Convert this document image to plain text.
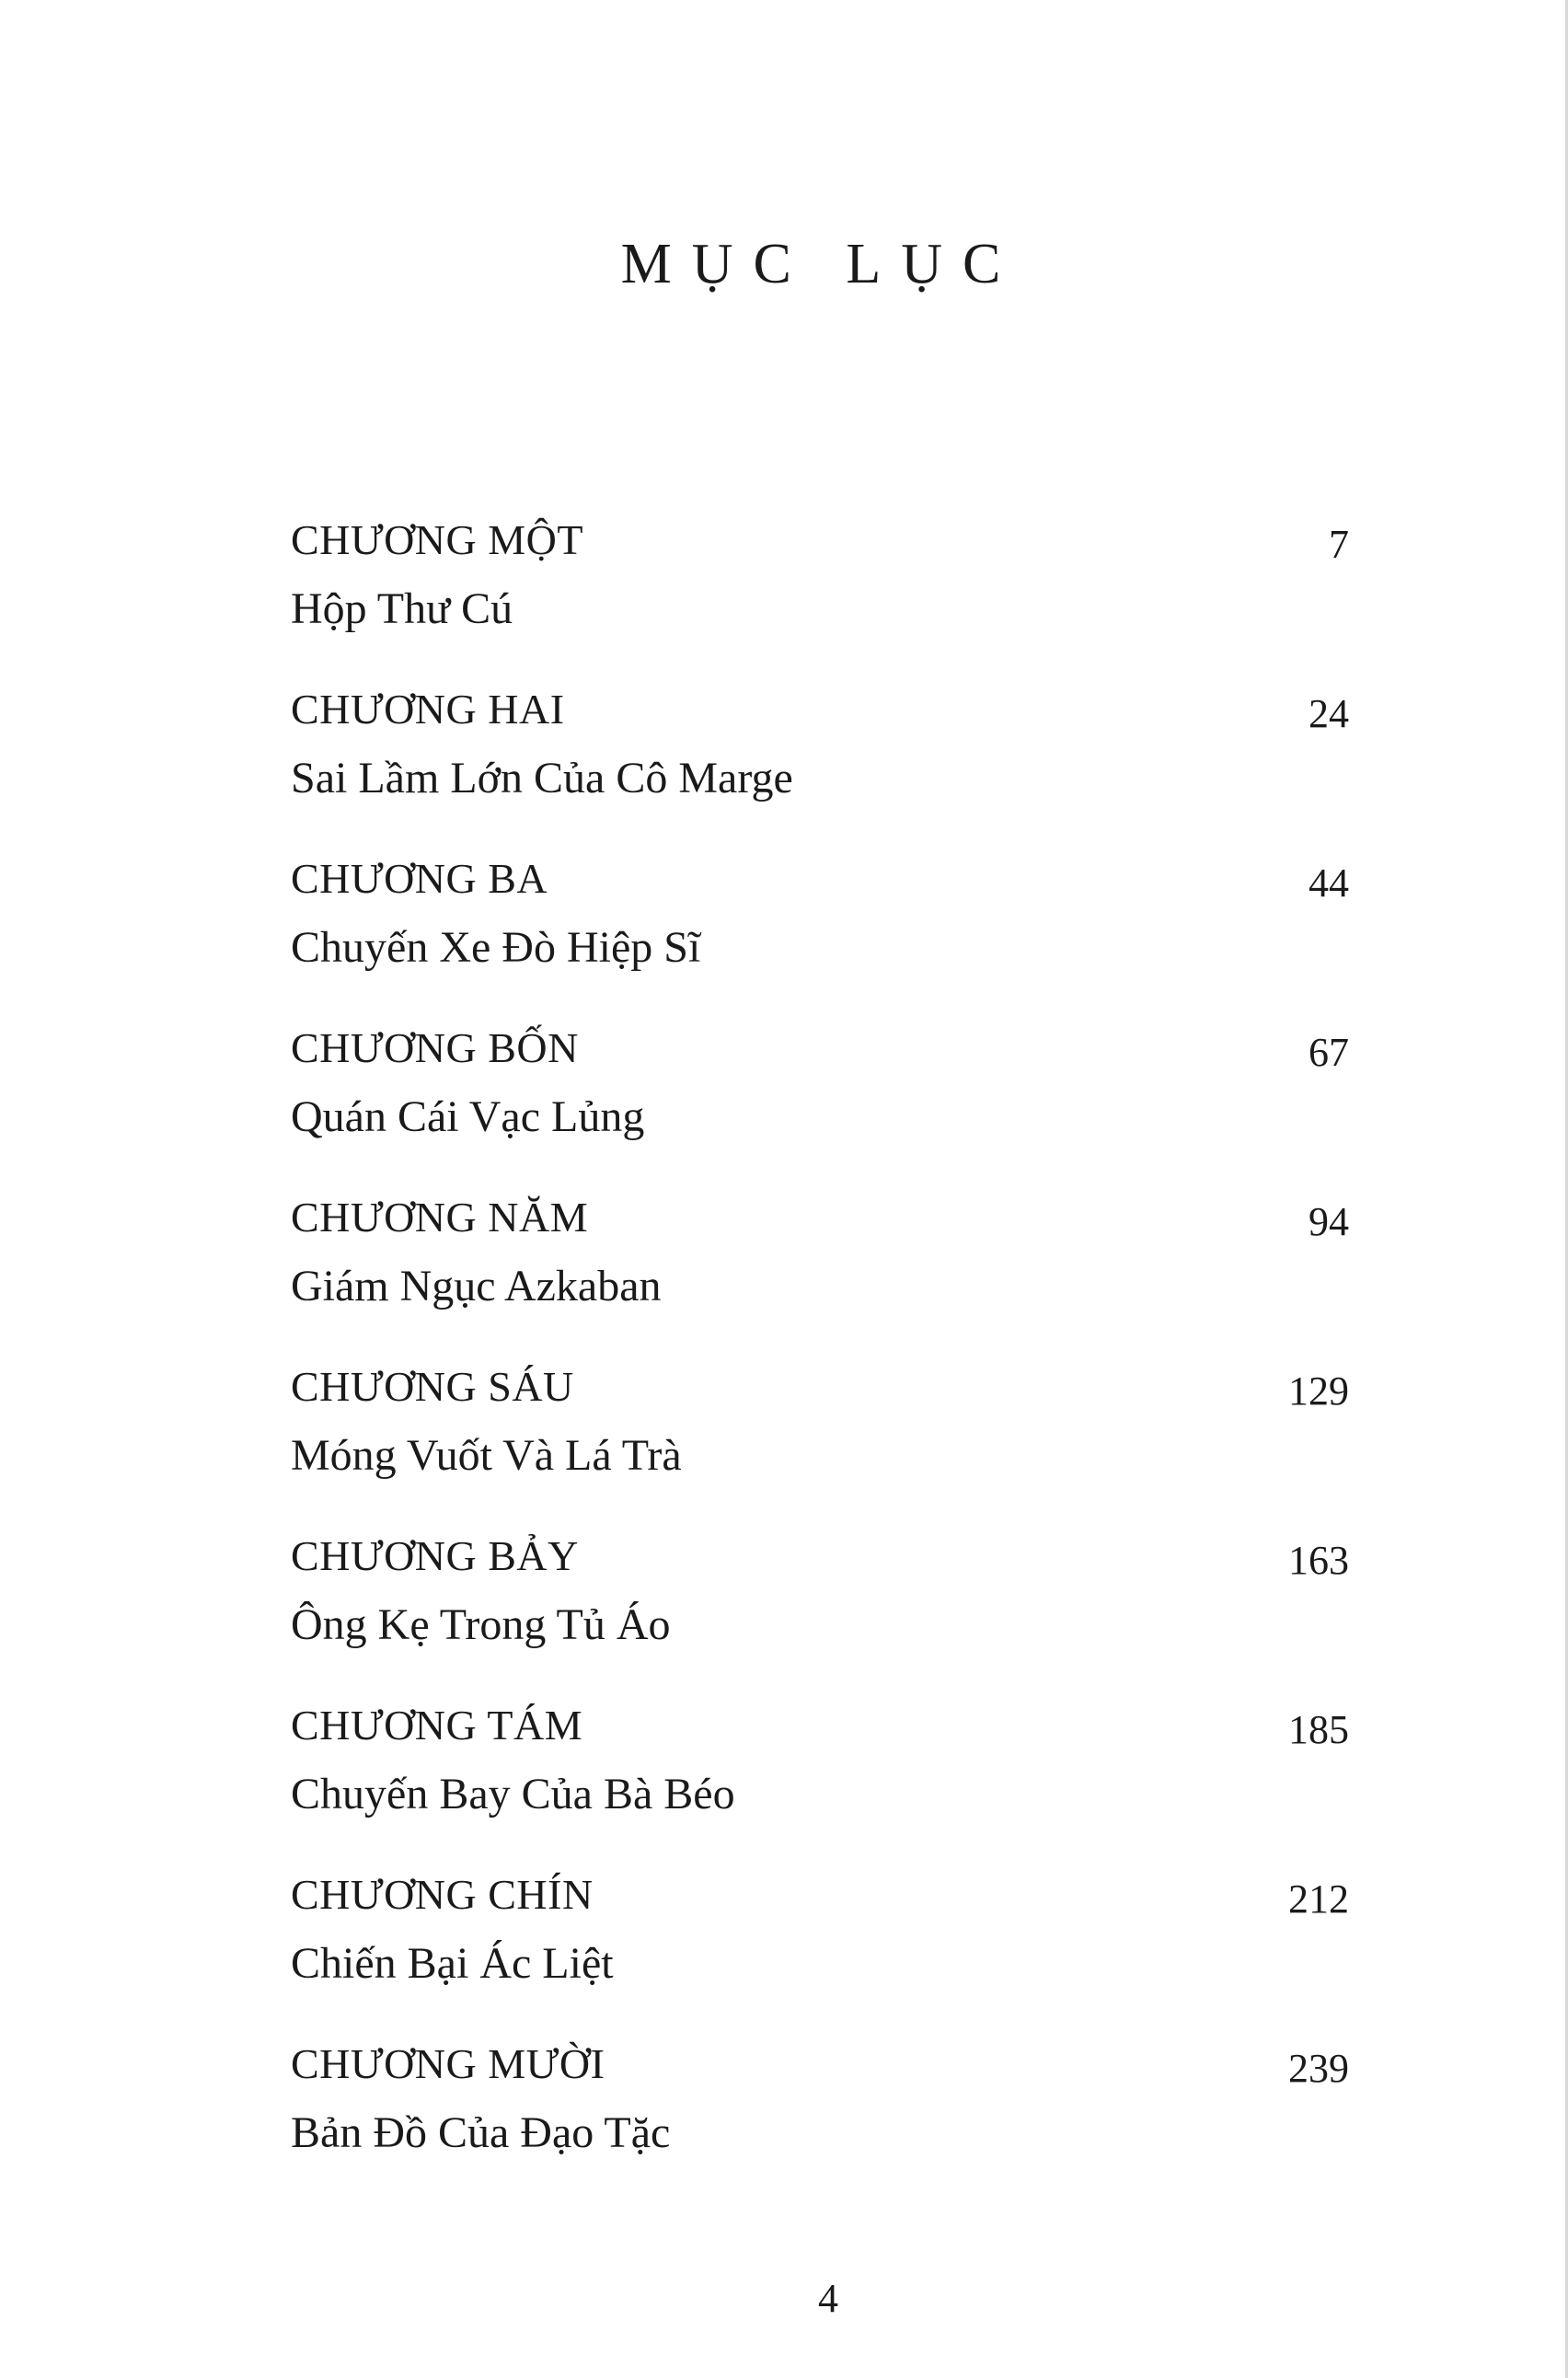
MỤC LỤC
CHƯƠNG MỘT
Hộp Thư Cú
7
CHƯƠNG HAI
Sai Lầm Lớn Của Cô Marge
24
CHƯƠNG BA
Chuyến Xe Đò Hiệp Sĩ
44
CHƯƠNG BỐN
Quán Cái Vạc Lủng
67
CHƯƠNG NĂM
Giám Ngục Azkaban
94
CHƯƠNG SÁU
Móng Vuốt Và Lá Trà
129
CHƯƠNG BẢY
Ông Kẹ Trong Tủ Áo
163
CHƯƠNG TÁM
Chuyến Bay Của Bà Béo
185
CHƯƠNG CHÍN
Chiến Bại Ác Liệt
212
CHƯƠNG MƯỜI
Bản Đồ Của Đạo Tặc
239
4
